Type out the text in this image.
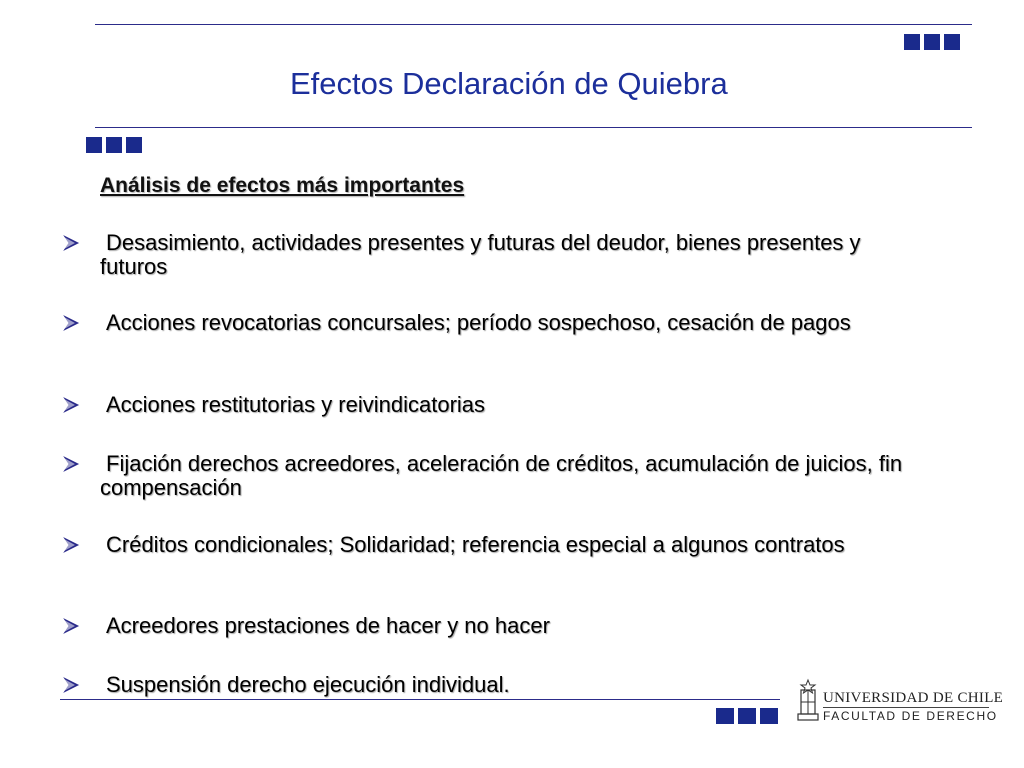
Efectos Declaración de Quiebra
Análisis de efectos más importantes
Desasimiento, actividades presentes y futuras del deudor, bienes presentes y futuros
Acciones revocatorias concursales; período sospechoso, cesación de pagos
Acciones restitutorias y reivindicatorias
Fijación derechos acreedores, aceleración de créditos, acumulación de juicios, fin compensación
Créditos condicionales; Solidaridad; referencia especial a algunos contratos
Acreedores prestaciones de hacer y no hacer
Suspensión derecho ejecución individual.
UNIVERSIDAD DE CHILE
FACULTAD DE DERECHO
